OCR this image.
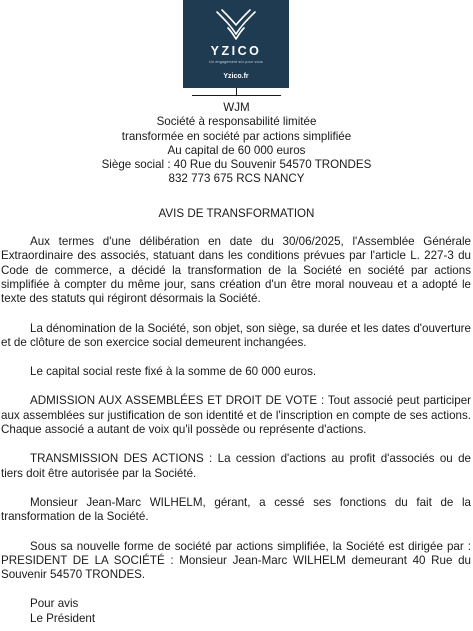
YZICO
Un engagement sûr pour vous
Yzico.fr

WJM

Société à responsabilité limitée

transformée en société par actions simplifiée

Au capital de 60 000 euros

Siège social : 40 Rue du Souvenir 54570 TRONDES

832 773 675 RCS NANCY

AVIS DE TRANSFORMATION

Aux termes d'une délibération en date du 30/06/2025, l'Assemblée Générale Extraordinaire des associés, statuant dans les conditions prévues par l'article L. 227-3 du Code de commerce, a décidé la transformation de la Société en société par actions simplifiée à compter du même jour, sans création d'un être moral nouveau et a adopté le texte des statuts qui régiront désormais la Société.

La dénomination de la Société, son objet, son siège, sa durée et les dates d'ouverture et de clôture de son exercice social demeurent inchangées.

Le capital social reste fixé à la somme de 60 000 euros.

ADMISSION AUX ASSEMBLÉES ET DROIT DE VOTE : Tout associé peut participer aux assemblées sur justification de son identité et de l'inscription en compte de ses actions. Chaque associé a autant de voix qu'il possède ou représente d'actions.

TRANSMISSION DES ACTIONS : La cession d'actions au profit d'associés ou de tiers doit être autorisée par la Société.

Monsieur Jean-Marc WILHELM, gérant, a cessé ses fonctions du fait de la transformation de la Société.

Sous sa nouvelle forme de société par actions simplifiée, la Société est dirigée par : PRESIDENT DE LA SOCIÉTÉ : Monsieur Jean-Marc WILHELM demeurant 40 Rue du Souvenir 54570 TRONDES.

Pour avis
Le Président
